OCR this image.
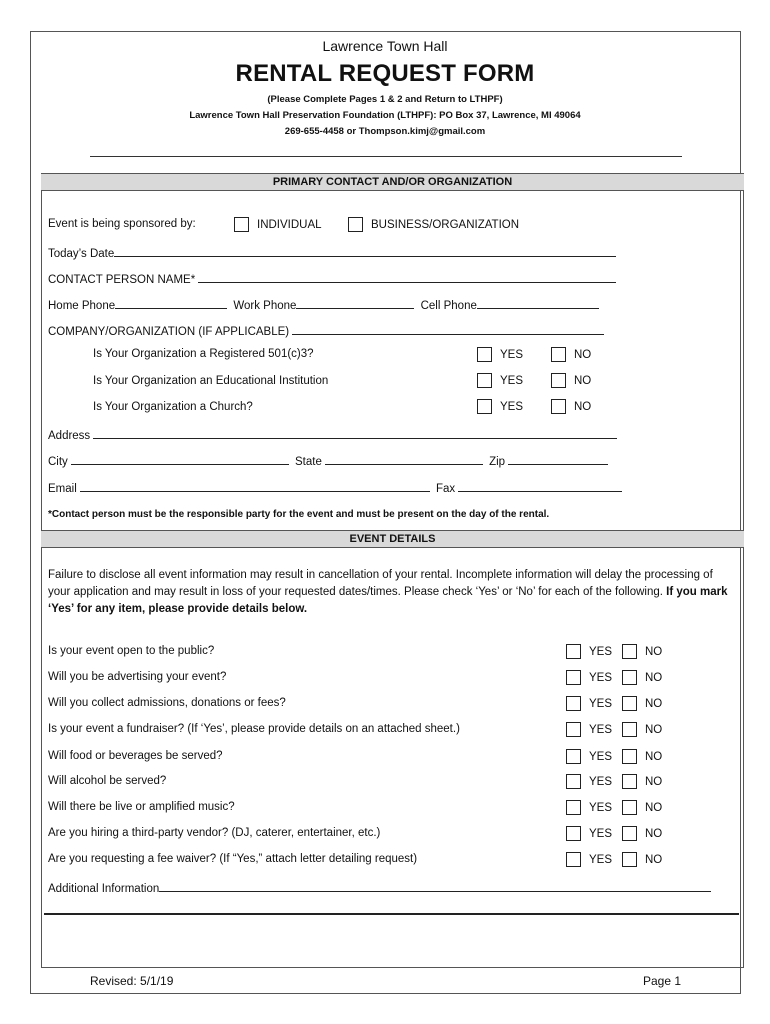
Lawrence Town Hall
RENTAL REQUEST FORM
(Please Complete Pages 1 & 2 and Return to LTHPF)
Lawrence Town Hall Preservation Foundation (LTHPF): PO Box 37, Lawrence, MI 49064
269-655-4458 or Thompson.kimj@gmail.com
PRIMARY CONTACT AND/OR ORGANIZATION
Event is being sponsored by:	INDIVIDUAL	BUSINESS/ORGANIZATION
Today’s Date
CONTACT PERSON NAME*
Home Phone	Work Phone	Cell Phone
COMPANY/ORGANIZATION (IF APPLICABLE)
Is Your Organization a Registered 501(c)3?	YES	NO
Is Your Organization an Educational Institution	YES	NO
Is Your Organization a Church?	YES	NO
Address
City	State	Zip
Email	Fax
*Contact person must be the responsible party for the event and must be present on the day of the rental.
EVENT DETAILS
Failure to disclose all event information may result in cancellation of your rental. Incomplete information will delay the processing of your application and may result in loss of your requested dates/times. Please check ‘Yes’ or ‘No’ for each of the following. If you mark ‘Yes’ for any item, please provide details below.
Is your event open to the public?	YES	NO
Will you be advertising your event?	YES	NO
Will you collect admissions, donations or fees?	YES	NO
Is your event a fundraiser? (If ‘Yes’, please provide details on an attached sheet.)	YES	NO
Will food or beverages be served?	YES	NO
Will alcohol be served?	YES	NO
Will there be live or amplified music?	YES	NO
Are you hiring a third-party vendor? (DJ, caterer, entertainer, etc.)	YES	NO
Are you requesting a fee waiver? (If “Yes,” attach letter detailing request)	YES	NO
Additional Information
Revised: 5/1/19	Page 1
